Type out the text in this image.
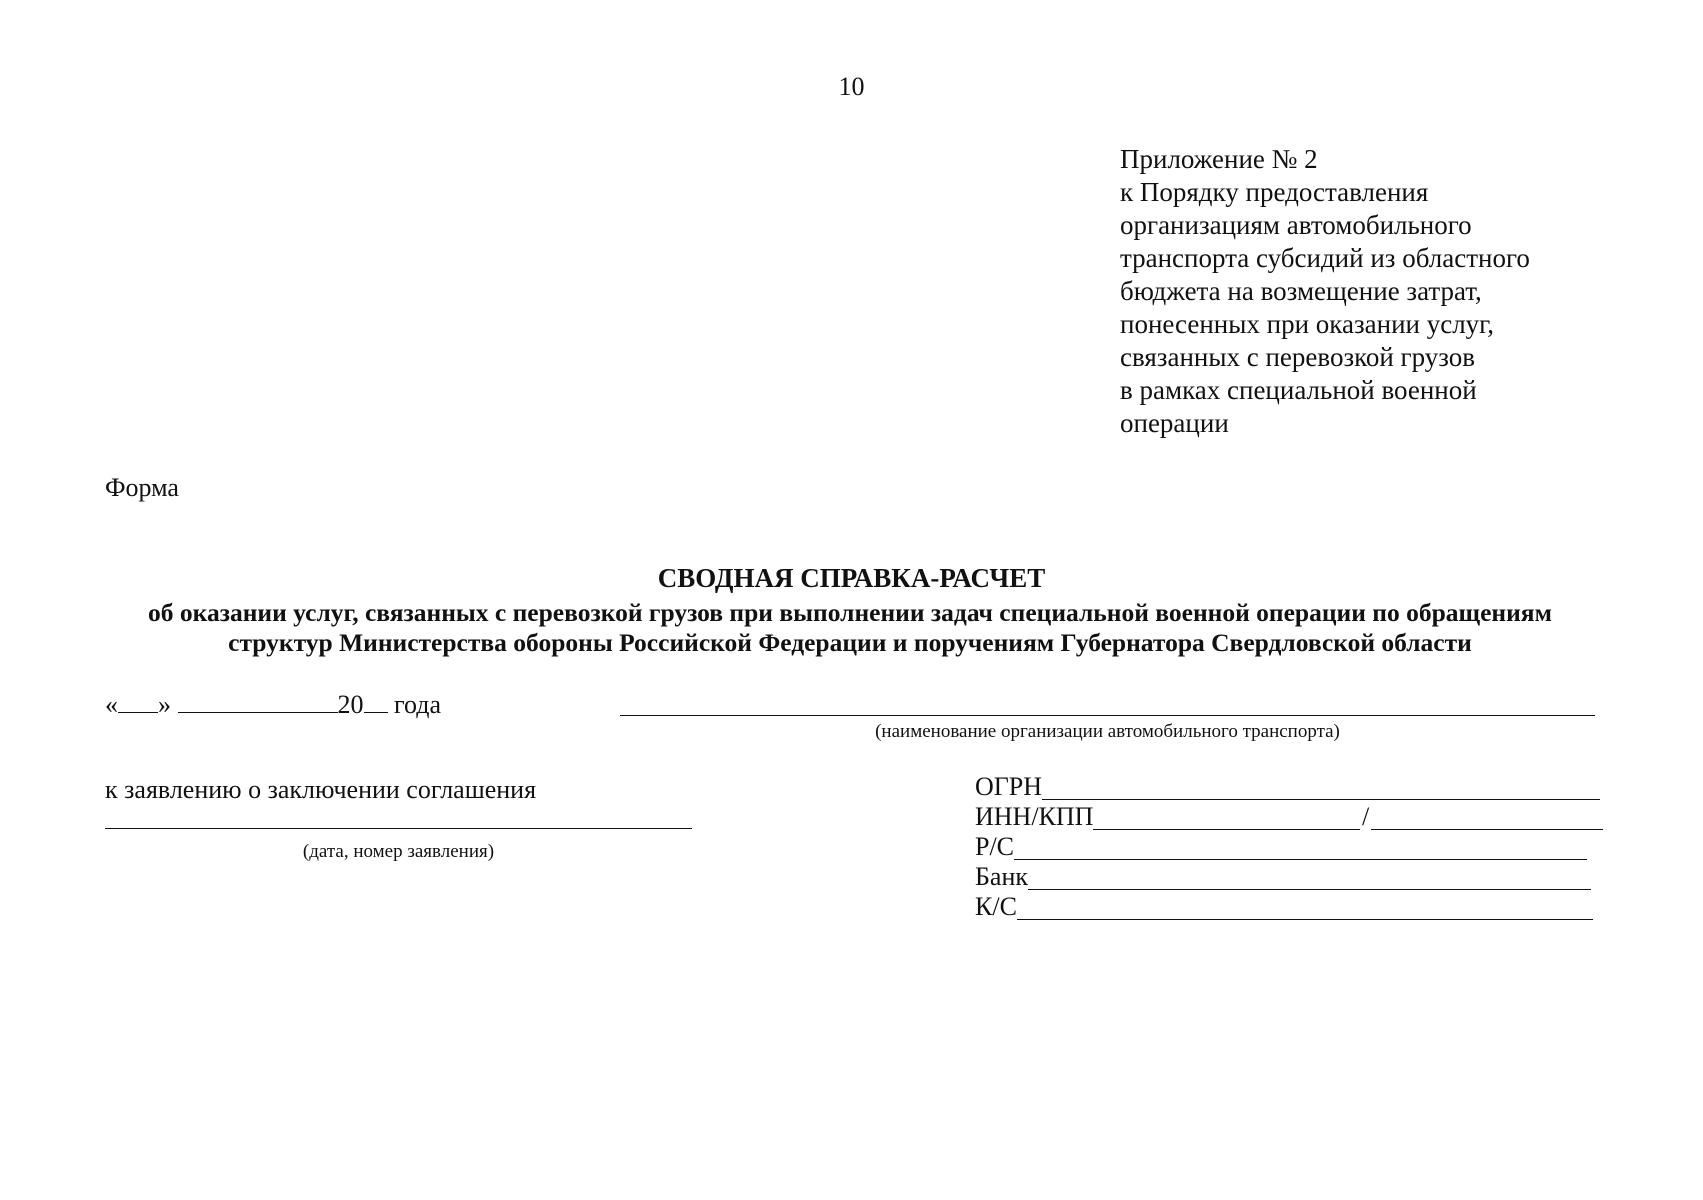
10
Приложение № 2
к Порядку предоставления
организациям автомобильного
транспорта субсидий из областного
бюджета на возмещение затрат,
понесенных при оказании услуг,
связанных с перевозкой грузов
в рамках специальной военной
операции
Форма
СВОДНАЯ СПРАВКА-РАСЧЕТ
об оказании услуг, связанных с перевозкой грузов при выполнении задач специальной военной операции по обращениям
структур Министерства обороны Российской Федерации и поручениям Губернатора Свердловской области
« »	20 года
(наименование организации автомобильного транспорта)
к заявлению о заключении соглашения
(дата, номер заявления)
ОГРН
ИНН/КПП	/
Р/С
Банк
К/С
